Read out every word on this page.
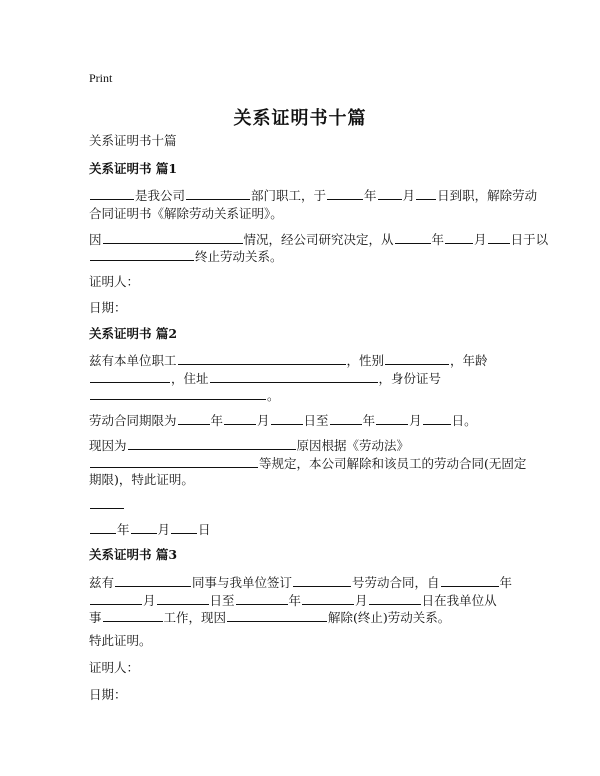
Print
关系证明书十篇
关系证明书十篇
关系证明书 篇1
是我公司	部门职工，于	年 月 日到职，解除劳动
合同证明书《解除劳动关系证明》。
因	情况，经公司研究决定，从	年 月 日于以
终止劳动关系。
证明人：
日期：
关系证明书 篇2
兹有本单位职工	，性别	，年龄
，住址	，身份证号
。
劳动合同期限为	年	月	日至	年	月 日。
现因为	原因根据《劳动法》
等规定，本公司解除和该员工的劳动合同(无固定
期限)，特此证明。
年 月 日
关系证明书 篇3
兹有	同事与我单位签订	号劳动合同，自	年
月	日至	年	月	日在我单位从
事	工作，现因	解除(终止)劳动关系。
特此证明。
证明人：
日期：
